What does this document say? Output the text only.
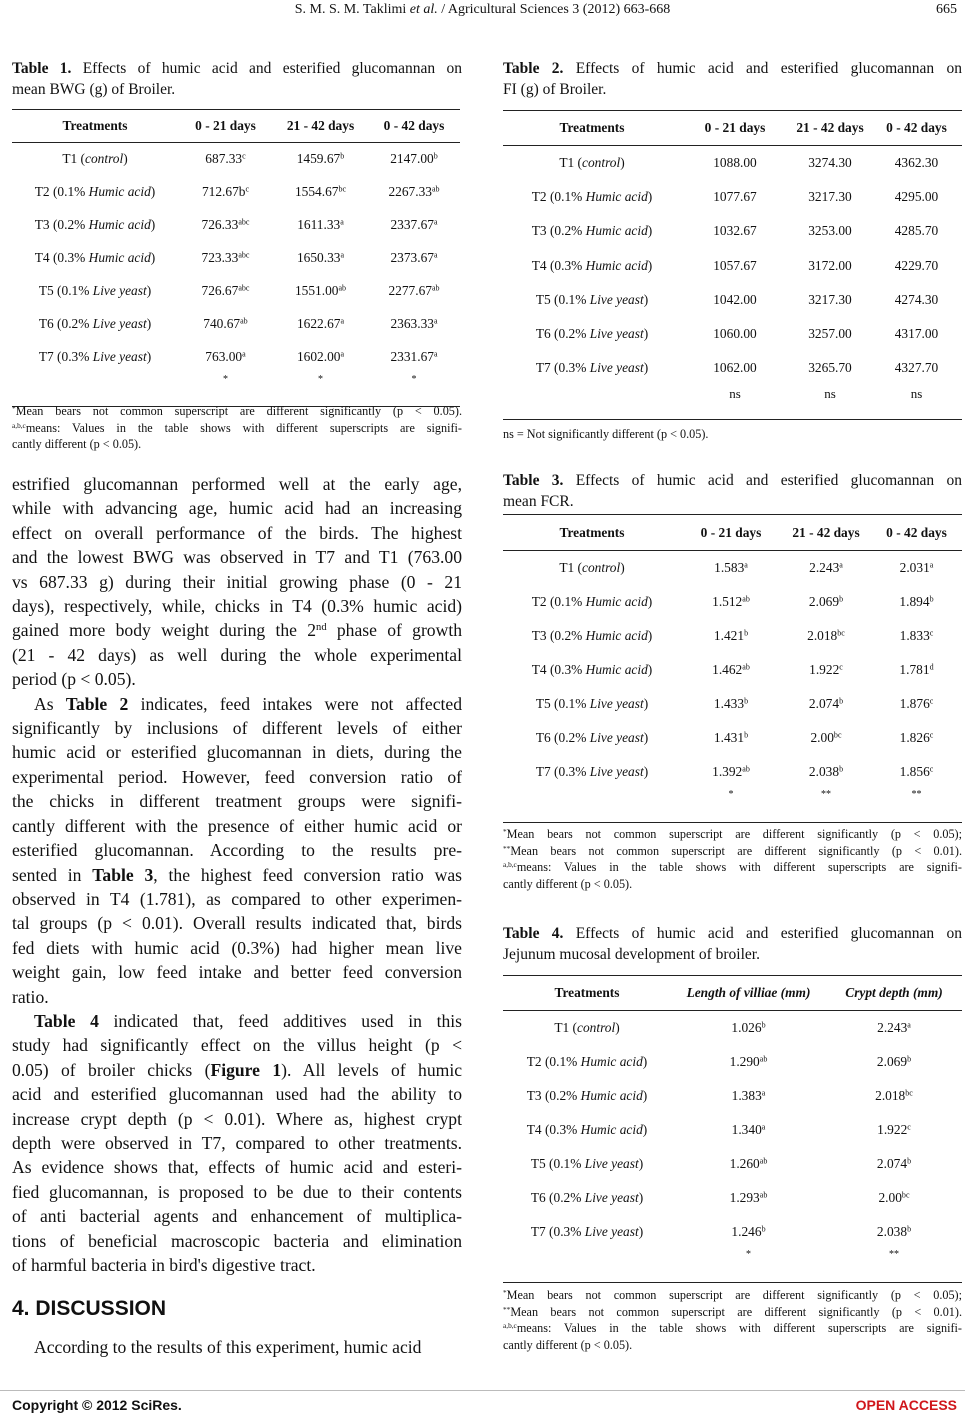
S. M. S. M. Taklimi et al. / Agricultural Sciences 3 (2012) 663-668	665
Table 1. Effects of humic acid and esterified glucomannan on
mean BWG (g) of Broiler.
Treatments	0 - 21 days	21 - 42 days	0 - 42 days
T1 (control)	687.33$^c$	1459.67$^b$	2147.00$^b$
T2 (0.1% Humic acid)	$712.67b^c$	1554.67$^{bc}$	2267.33$^{ab}$
T3 (0.2% Humic acid)	726.33$^{abc}$	1611.33$^a$	2337.67$^a$
T4 (0.3% Humic acid)	723.33$^{abc}$	1650.33$^a$	2373.67$^a$
T5 (0.1% Live yeast)	726.67$^{abc}$	1551.00$^{ab}$	2277.67$^{ab}$
T6 (0.2% Live yeast)	740.67$^{ab}$	1622.67$^a$	2363.33$^a$
T7 (0.3% Live yeast)	763.00$^a$	1602.00$^a$	2331.67$^a$
	*	*	*
*Mean bears not common superscript are different significantly (p < 0.05).
$^{a,b,c}$means: Values in the table shows with different superscripts are signifi-
cantly different (p < 0.05).
estrified glucomannan performed well at the early age,
while with advancing age, humic acid had an increasing
effect on overall performance of the birds. The highest
and the lowest BWG was observed in T7 and T1 (763.00
vs 687.33 g) during their initial growing phase (0 - 21
days), respectively, while, chicks in T4 (0.3% humic acid)
gained more body weight during the 2nd phase of growth
(21 - 42 days) as well during the whole experimental
period (p < 0.05).
As Table 2 indicates, feed intakes were not affected
significantly by inclusions of different levels of either
humic acid or esterified glucomannan in diets, during the
experimental period. However, feed conversion ratio of
the chicks in different treatment groups were signifi-
cantly different with the presence of either humic acid or
esterified glucomannan. According to the results pre-
sented in Table 3, the highest feed conversion ratio was
observed in T4 (1.781), as compared to other experimen-
tal groups (p < 0.01). Overall results indicated that, birds
fed diets with humic acid (0.3%) had higher mean live
weight gain, low feed intake and better feed conversion
ratio.
Table 4 indicated that, feed additives used in this
study had significantly effect on the villus height (p <
0.05) of broiler chicks (Figure 1). All levels of humic
acid and esterified glucomannan used had the ability to
increase crypt depth (p < 0.01). Where as, highest crypt
depth were observed in T7, compared to other treatments.
As evidence shows that, effects of humic acid and esteri-
fied glucomannan, is proposed to be due to their contents
of anti bacterial agents and enhancement of multiplica-
tions of beneficial macroscopic bacteria and elimination
of harmful bacteria in bird's digestive tract.
4. DISCUSSION
According to the results of this experiment, humic acid
Table 2. Effects of humic acid and esterified glucomannan on
FI (g) of Broiler.
Treatments	0 - 21 days	21 - 42 days	0 - 42 days
T1 (control)	1088.00	3274.30	4362.30
T2 (0.1% Humic acid)	1077.67	3217.30	4295.00
T3 (0.2% Humic acid)	1032.67	3253.00	4285.70
T4 (0.3% Humic acid)	1057.67	3172.00	4229.70
T5 (0.1% Live yeast)	1042.00	3217.30	4274.30
T6 (0.2% Live yeast)	1060.00	3257.00	4317.00
T7 (0.3% Live yeast)	1062.00	3265.70	4327.70
	ns	ns	ns
ns = Not significantly different (p < 0.05).
Table 3. Effects of humic acid and esterified glucomannan on
mean FCR.
Treatments	0 - 21 days	21 - 42 days	0 - 42 days
T1 (control)	1.583$^a$	2.243$^a$	2.031$^a$
T2 (0.1% Humic acid)	1.512$^{ab}$	2.069$^b$	1.894$^b$
T3 (0.2% Humic acid)	1.421$^b$	2.018$^{bc}$	1.833$^c$
T4 (0.3% Humic acid)	1.462$^{ab}$	1.922$^c$	1.781$^d$
T5 (0.1% Live yeast)	1.433$^b$	2.074$^b$	1.876$^c$
T6 (0.2% Live yeast)	1.431$^b$	2.00$^{bc}$	1.826$^c$
T7 (0.3% Live yeast)	1.392$^{ab}$	2.038$^b$	1.856$^c$
	*	**	**
*Mean bears not common superscript are different significantly (p < 0.05);
**Mean bears not common superscript are different significantly (p < 0.01).
$^{a,b,c}$means: Values in the table shows with different superscripts are signifi-
cantly different (p < 0.05).
Table 4. Effects of humic acid and esterified glucomannan on
Jejunum mucosal development of broiler.
Treatments	Length of villiae (mm)	Crypt depth (mm)
T1 (control)	1.026$^b$	2.243$^a$
T2 (0.1% Humic acid)	1.290$^{ab}$	2.069$^b$
T3 (0.2% Humic acid)	1.383$^a$	2.018$^{bc}$
T4 (0.3% Humic acid)	1.340$^a$	1.922$^c$
T5 (0.1% Live yeast)	1.260$^{ab}$	2.074$^b$
T6 (0.2% Live yeast)	1.293$^{ab}$	2.00$^{bc}$
T7 (0.3% Live yeast)	1.246$^b$	2.038$^b$
	*	**
*Mean bears not common superscript are different significantly (p < 0.05);
**Mean bears not common superscript are different significantly (p < 0.01).
$^{a,b,c}$means: Values in the table shows with different superscripts are signifi-
cantly different (p < 0.05).
Copyright © 2012 SciRes.	OPEN ACCESS
